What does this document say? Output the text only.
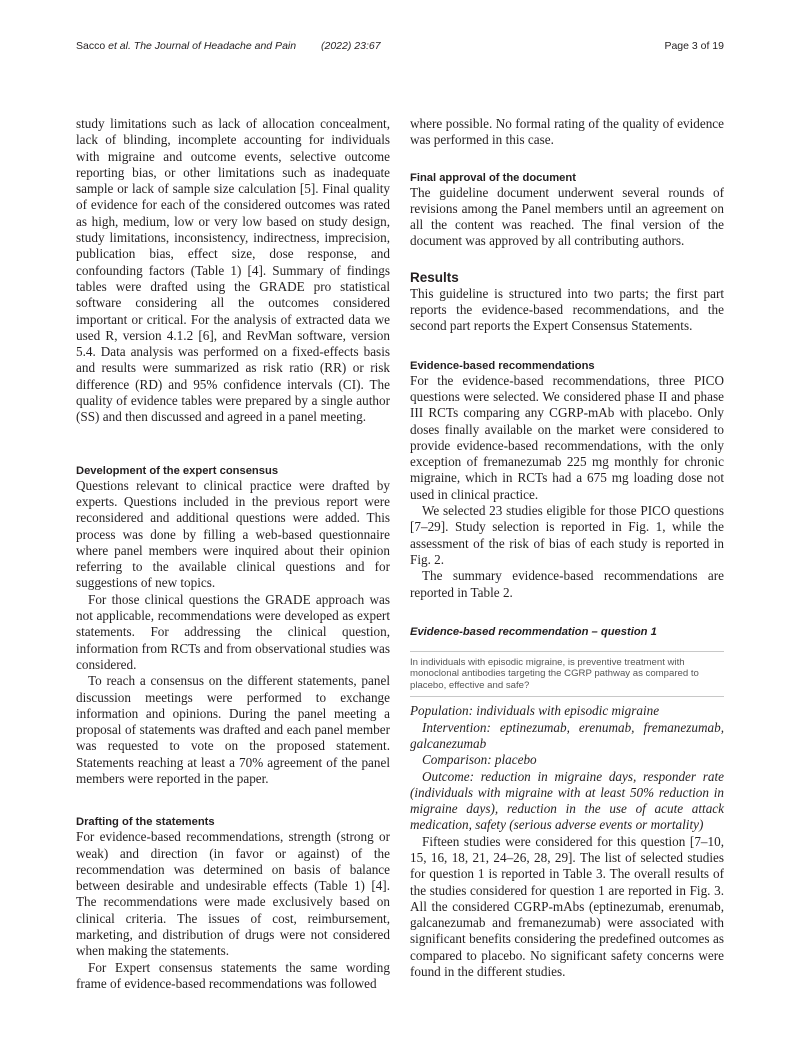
Sacco et al. The Journal of Headache and Pain (2022) 23:67	Page 3 of 19

study limitations such as lack of allocation concealment, lack of blinding, incomplete accounting for individuals with migraine and outcome events, selective outcome reporting bias, or other limitations such as inadequate sample or lack of sample size calculation [5]. Final quality of evidence for each of the considered outcomes was rated as high, medium, low or very low based on study design, study limitations, inconsistency, indirectness, imprecision, publication bias, effect size, dose response, and confounding factors (Table 1) [4]. Summary of findings tables were drafted using the GRADE pro statistical software considering all the outcomes considered important or critical. For the analysis of extracted data we used R, version 4.1.2 [6], and RevMan software, version 5.4. Data analysis was performed on a fixed-effects basis and results were summarized as risk ratio (RR) or risk difference (RD) and 95% confidence intervals (CI). The quality of evidence tables were prepared by a single author (SS) and then discussed and agreed in a panel meeting.

Development of the expert consensus

Questions relevant to clinical practice were drafted by experts. Questions included in the previous report were reconsidered and additional questions were added. This process was done by filling a web-based questionnaire where panel members were inquired about their opinion referring to the available clinical questions and for suggestions of new topics.

For those clinical questions the GRADE approach was not applicable, recommendations were developed as expert statements. For addressing the clinical question, information from RCTs and from observational studies was considered.

To reach a consensus on the different statements, panel discussion meetings were performed to exchange information and opinions. During the panel meeting a proposal of statements was drafted and each panel member was requested to vote on the proposed statement. Statements reaching at least a 70% agreement of the panel members were reported in the paper.

Drafting of the statements

For evidence-based recommendations, strength (strong or weak) and direction (in favor or against) of the recommendation was determined on basis of balance between desirable and undesirable effects (Table 1) [4]. The recommendations were made exclusively based on clinical criteria. The issues of cost, reimbursement, marketing, and distribution of drugs were not considered when making the statements.

For Expert consensus statements the same wording frame of evidence-based recommendations was followed

where possible. No formal rating of the quality of evidence was performed in this case.

Final approval of the document

The guideline document underwent several rounds of revisions among the Panel members until an agreement on all the content was reached. The final version of the document was approved by all contributing authors.

Results

This guideline is structured into two parts; the first part reports the evidence-based recommendations, and the second part reports the Expert Consensus Statements.

Evidence-based recommendations

For the evidence-based recommendations, three PICO questions were selected. We considered phase II and phase III RCTs comparing any CGRP-mAb with placebo. Only doses finally available on the market were considered to provide evidence-based recommendations, with the only exception of fremanezumab 225 mg monthly for chronic migraine, which in RCTs had a 675 mg loading dose not used in clinical practice.

We selected 23 studies eligible for those PICO questions [7–29]. Study selection is reported in Fig. 1, while the assessment of the risk of bias of each study is reported in Fig. 2.

The summary evidence-based recommendations are reported in Table 2.

Evidence-based recommendation – question 1

In individuals with episodic migraine, is preventive treatment with monoclonal antibodies targeting the CGRP pathway as compared to placebo, effective and safe?

Population: individuals with episodic migraine

Intervention: eptinezumab, erenumab, fremanezumab, galcanezumab

Comparison: placebo

Outcome: reduction in migraine days, responder rate (individuals with migraine with at least 50% reduction in migraine days), reduction in the use of acute attack medication, safety (serious adverse events or mortality)

Fifteen studies were considered for this question [7–10, 15, 16, 18, 21, 24–26, 28, 29]. The list of selected studies for question 1 is reported in Table 3. The overall results of the studies considered for question 1 are reported in Fig. 3. All the considered CGRP-mAbs (eptinezumab, erenumab, galcanezumab and fremanezumab) were associated with significant benefits considering the predefined outcomes as compared to placebo. No significant safety concerns were found in the different studies.
